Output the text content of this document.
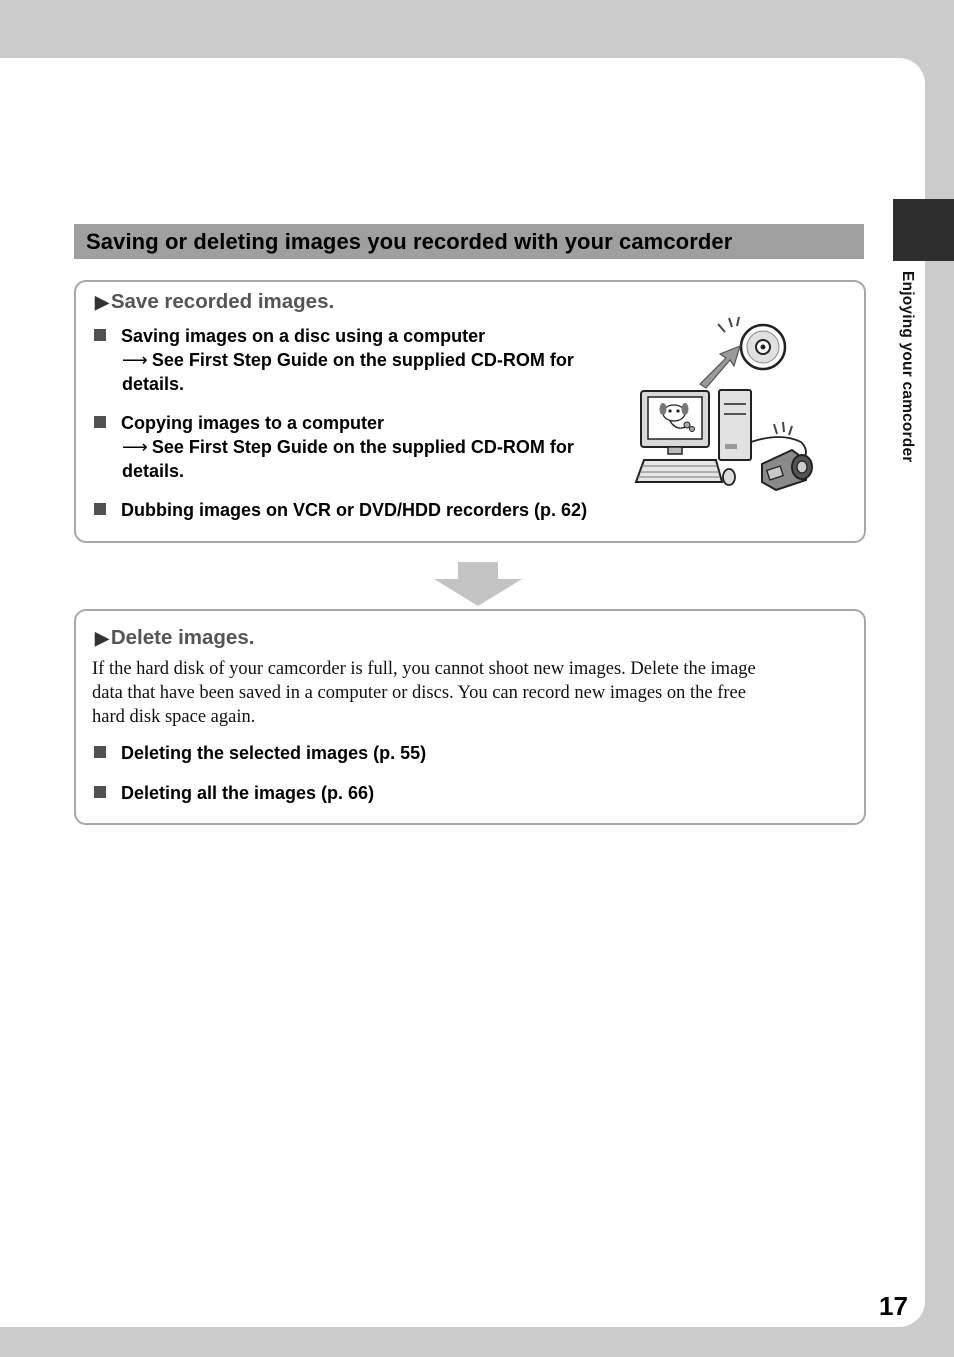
Enjoying your camcorder
Saving or deleting images you recorded with your camcorder
▶Save recorded images.
Saving images on a disc using a computer
⟶ See First Step Guide on the supplied CD-ROM for
details.
Copying images to a computer
⟶ See First Step Guide on the supplied CD-ROM for
details.
Dubbing images on VCR or DVD/HDD recorders (p. 62)
▶Delete images.
If the hard disk of your camcorder is full, you cannot shoot new images. Delete the image
data that have been saved in a computer or discs. You can record new images on the free
hard disk space again.
Deleting the selected images (p. 55)
Deleting all the images (p. 66)
17
